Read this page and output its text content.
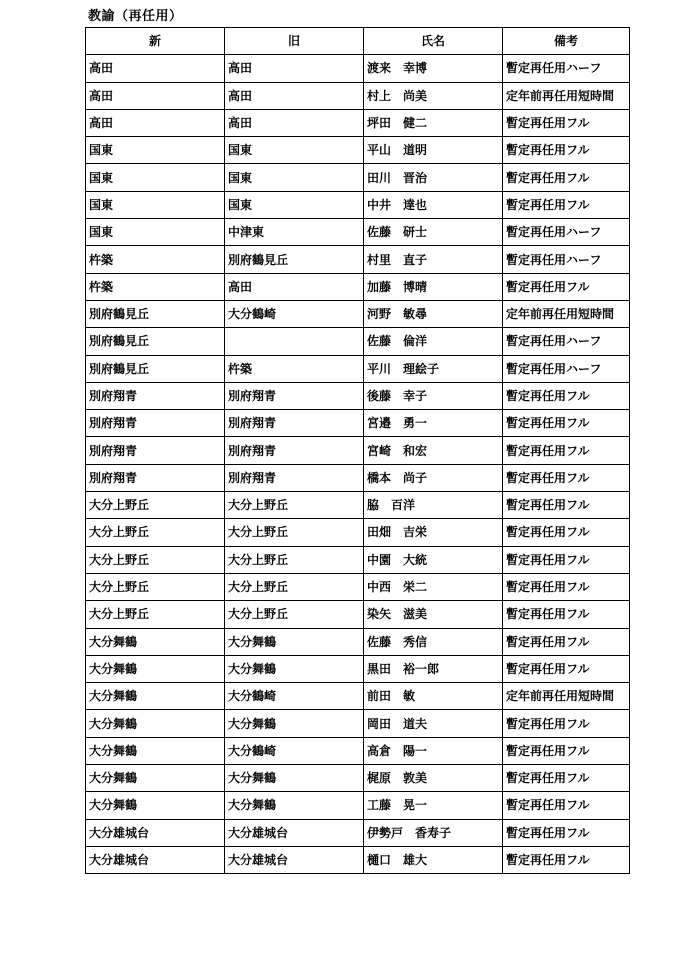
教諭（再任用）
新	旧	氏名	備考
高田	高田	渡来　幸博	暫定再任用ハーフ
高田	高田	村上　尚美	定年前再任用短時間
高田	高田	坪田　健二	暫定再任用フル
国東	国東	平山　道明	暫定再任用フル
国東	国東	田川　晋治	暫定再任用フル
国東	国東	中井　達也	暫定再任用フル
国東	中津東	佐藤　研士	暫定再任用ハーフ
杵築	別府鶴見丘	村里　直子	暫定再任用ハーフ
杵築	高田	加藤　博晴	暫定再任用フル
別府鶴見丘	大分鶴崎	河野　敏尋	定年前再任用短時間
別府鶴見丘		佐藤　倫洋	暫定再任用ハーフ
別府鶴見丘	杵築	平川　理絵子	暫定再任用ハーフ
別府翔青	別府翔青	後藤　幸子	暫定再任用フル
別府翔青	別府翔青	宮邉　勇一	暫定再任用フル
別府翔青	別府翔青	宮崎　和宏	暫定再任用フル
別府翔青	別府翔青	橋本　尚子	暫定再任用フル
大分上野丘	大分上野丘	脇　百洋	暫定再任用フル
大分上野丘	大分上野丘	田畑　吉栄	暫定再任用フル
大分上野丘	大分上野丘	中園　大統	暫定再任用フル
大分上野丘	大分上野丘	中西　栄二	暫定再任用フル
大分上野丘	大分上野丘	染矢　滋美	暫定再任用フル
大分舞鶴	大分舞鶴	佐藤　秀信	暫定再任用フル
大分舞鶴	大分舞鶴	黒田　裕一郎	暫定再任用フル
大分舞鶴	大分鶴崎	前田　敏	定年前再任用短時間
大分舞鶴	大分舞鶴	岡田　道夫	暫定再任用フル
大分舞鶴	大分鶴崎	高倉　陽一	暫定再任用フル
大分舞鶴	大分舞鶴	梶原　敦美	暫定再任用フル
大分舞鶴	大分舞鶴	工藤　晃一	暫定再任用フル
大分雄城台	大分雄城台	伊勢戸　香寿子	暫定再任用フル
大分雄城台	大分雄城台	樋口　雄大	暫定再任用フル
